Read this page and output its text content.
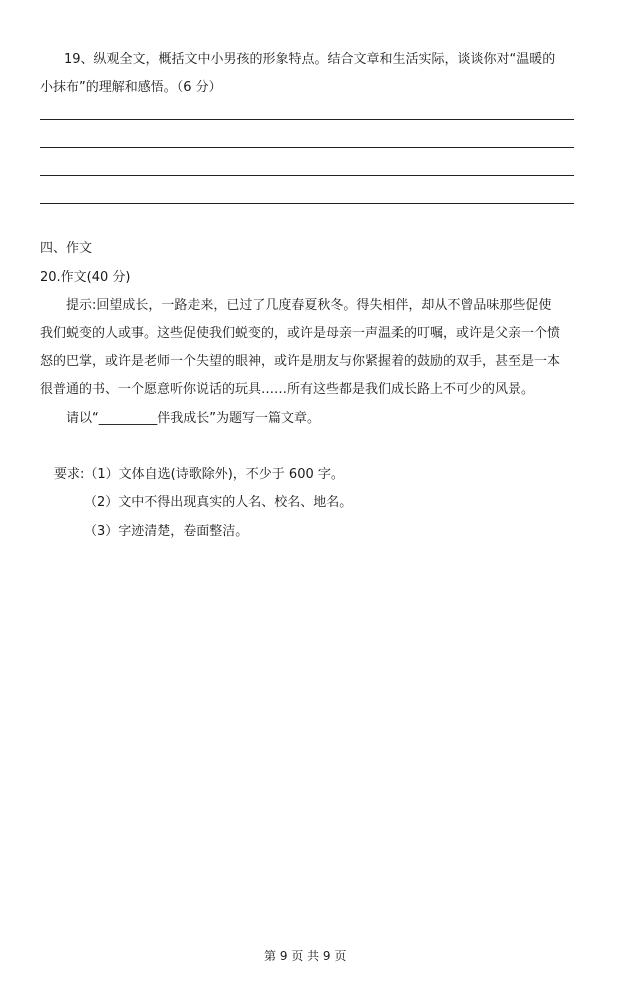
19、纵观全文，概括文中小男孩的形象特点。结合文章和生活实际，谈谈你对“温暖的
小抹布”的理解和感悟。（6 分）
四、作文
20.作文(40 分)
提示:回望成长，一路走来，已过了几度春夏秋冬。得失相伴，却从不曾品味那些促使
我们蜕变的人或事。这些促使我们蜕变的，或许是母亲一声温柔的叮嘱，或许是父亲一个愤
怒的巴掌，或许是老师一个失望的眼神，或许是朋友与你紧握着的鼓励的双手，甚至是一本
很普通的书、一个愿意听你说话的玩具……所有这些都是我们成长路上不可少的风景。
请以“_________伴我成长”为题写一篇文章。
要求:（1）文体自选(诗歌除外)，不少于 600 字。
（2）文中不得出现真实的人名、校名、地名。
（3）字迹清楚，卷面整洁。
第 9 页 共 9 页
